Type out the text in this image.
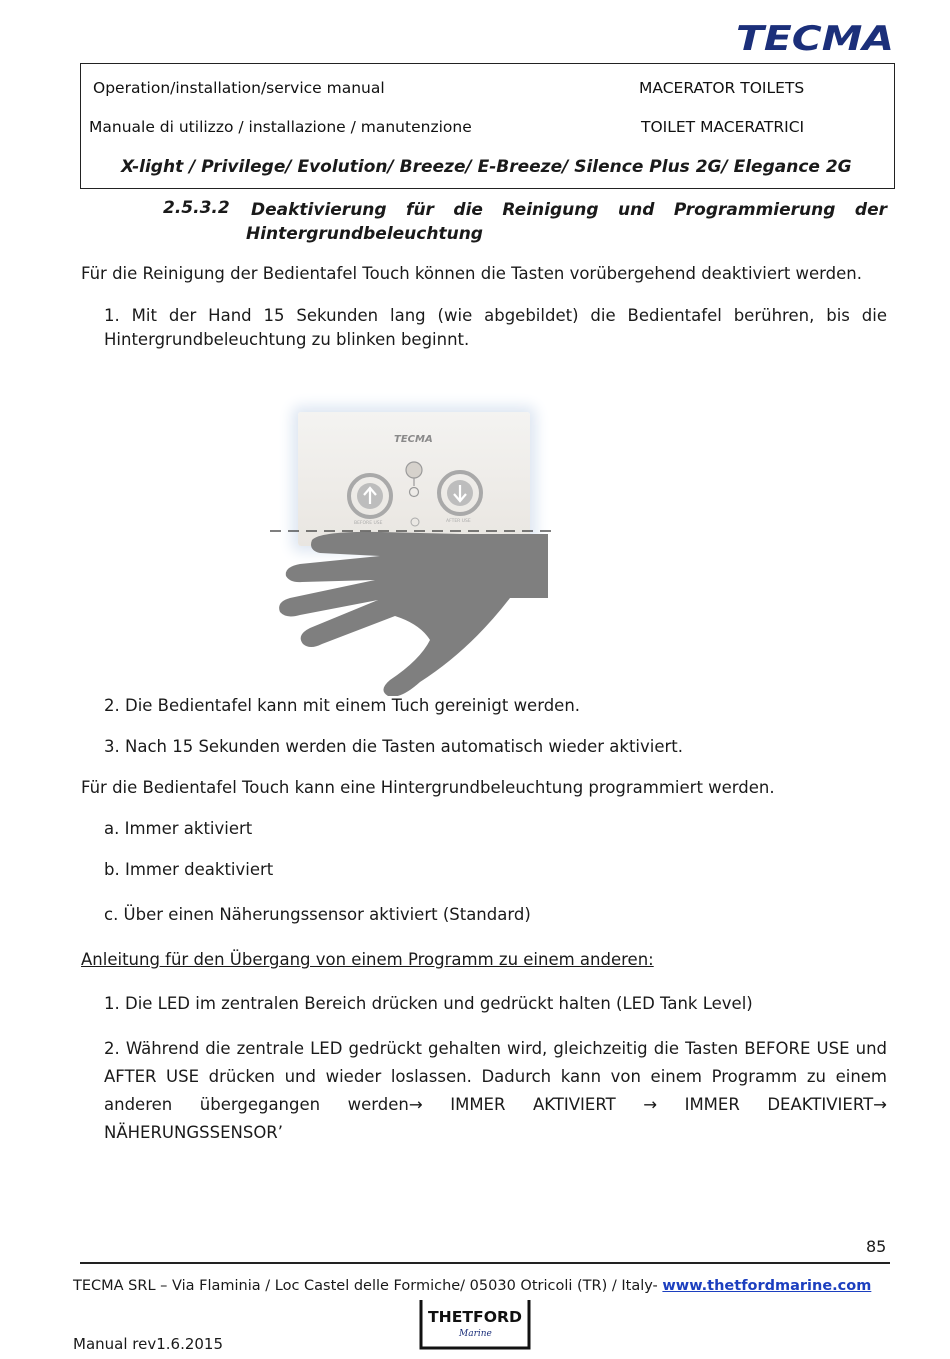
TECMA
Operation/installation/service manual	MACERATOR TOILETS
Manuale di utilizzo / installazione / manutenzione	TOILET MACERATRICI
X-light / Privilege/ Evolution/ Breeze/ E-Breeze/ Silence Plus 2G/ Elegance 2G
2.5.3.2 Deaktivierung für die Reinigung und Programmierung der
Hintergrundbeleuchtung
Für die Reinigung der Bedientafel Touch können die Tasten vorübergehend deaktiviert werden.
1. Mit der Hand 15 Sekunden lang (wie abgebildet) die Bedientafel berühren, bis die
Hintergrundbeleuchtung zu blinken beginnt.
TECMA
BEFORE USE	AFTER USE
2. Die Bedientafel kann mit einem Tuch gereinigt werden.
3. Nach 15 Sekunden werden die Tasten automatisch wieder aktiviert.
Für die Bedientafel Touch kann eine Hintergrundbeleuchtung programmiert werden.
a. Immer aktiviert
b. Immer deaktiviert
c. Über einen Näherungssensor aktiviert (Standard)
Anleitung für den Übergang von einem Programm zu einem anderen:
1. Die LED im zentralen Bereich drücken und gedrückt halten (LED Tank Level)
2. Während die zentrale LED gedrückt gehalten wird, gleichzeitig die Tasten BEFORE USE und
AFTER USE drücken und wieder loslassen. Dadurch kann von einem Programm zu einem
anderen übergegangen werden→ IMMER AKTIVIERT → IMMER DEAKTIVIERT→
NÄHERUNGSSENSOR’
85
TECMA SRL – Via Flaminia / Loc Castel delle Formiche/ 05030 Otricoli (TR) / Italy- www.thetfordmarine.com
THETFORD
Marine
Manual rev1.6.2015
